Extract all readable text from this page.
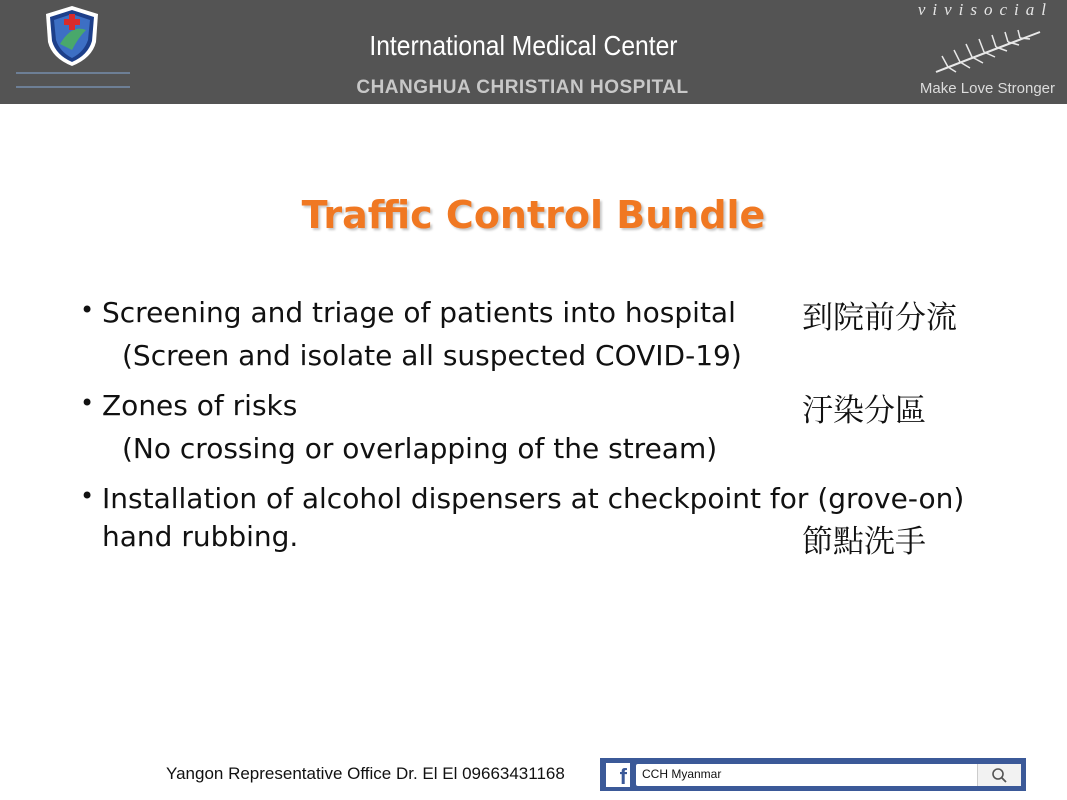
International Medical Center
CHANGHUA CHRISTIAN HOSPITAL
vivisocial
Make Love Stronger
Traffic Control Bundle
• Screening and triage of patients into hospital
(Screen and isolate all suspected COVID-19)
到院前分流
• Zones of risks
(No crossing or overlapping of the stream)
汙染分區
• Installation of alcohol dispensers at checkpoint for (grove-on)
hand rubbing.	節點洗手
Yangon Representative Office Dr. El El 09663431168	f CCH Myanmar
